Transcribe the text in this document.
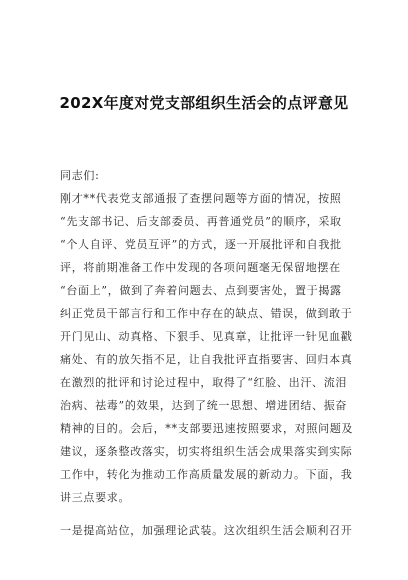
202X年度对党支部组织生活会的点评意见
同志们:
刚才**代表党支部通报了查摆问题等方面的情况，按照
“先支部书记、后支部委员、再普通党员”的顺序，采取
“个人自评、党员互评”的方式，逐一开展批评和自我批
评，将前期准备工作中发现的各项问题毫无保留地摆在
“台面上”，做到了奔着问题去、点到要害处，置于揭露
纠正党员干部言行和工作中存在的缺点、错误，做到敢于
开门见山、动真格、下狠手、见真章，让批评一针见血戳
痛处、有的放矢指不足，让自我批评直指要害、回归本真
在激烈的批评和讨论过程中，取得了“红脸、出汗、流泪
治病、祛毒”的效果，达到了统一思想、增进团结、振奋
精神的目的。会后，**支部要迅速按照要求，对照问题及
建议，逐条整改落实，切实将组织生活会成果落实到实际
工作中，转化为推动工作高质量发展的新动力。下面，我
讲三点要求。
一是提高站位，加强理论武装。这次组织生活会顺利召开
